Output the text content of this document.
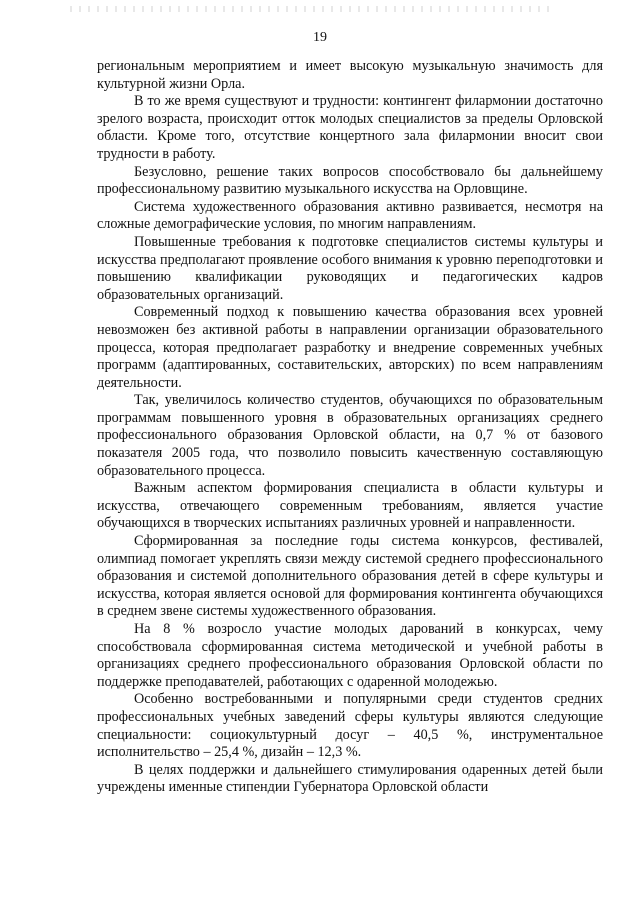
19

региональным мероприятием и имеет высокую музыкальную значимость для культурной жизни Орла.

В то же время существуют и трудности: контингент филармонии достаточно зрелого возраста, происходит отток молодых специалистов за пределы Орловской области. Кроме того, отсутствие концертного зала филармонии вносит свои трудности в работу.

Безусловно, решение таких вопросов способствовало бы дальнейшему профессиональному развитию музыкального искусства на Орловщине.

Система художественного образования активно развивается, несмотря на сложные демографические условия, по многим направлениям.

Повышенные требования к подготовке специалистов системы культуры и искусства предполагают проявление особого внимания к уровню переподготовки и повышению квалификации руководящих и педагогических кадров образовательных организаций.

Современный подход к повышению качества образования всех уровней невозможен без активной работы в направлении организации образовательного процесса, которая предполагает разработку и внедрение современных учебных программ (адаптированных, составительских, авторских) по всем направлениям деятельности.

Так, увеличилось количество студентов, обучающихся по образовательным программам повышенного уровня в образовательных организациях среднего профессионального образования Орловской области, на 0,7 % от базового показателя 2005 года, что позволило повысить качественную составляющую образовательного процесса.

Важным аспектом формирования специалиста в области культуры и искусства, отвечающего современным требованиям, является участие обучающихся в творческих испытаниях различных уровней и направленности.

Сформированная за последние годы система конкурсов, фестивалей, олимпиад помогает укреплять связи между системой среднего профессионального образования и системой дополнительного образования детей в сфере культуры и искусства, которая является основой для формирования контингента обучающихся в среднем звене системы художественного образования.

На 8 % возросло участие молодых дарований в конкурсах, чему способствовала сформированная система методической и учебной работы в организациях среднего профессионального образования Орловской области по поддержке преподавателей, работающих с одаренной молодежью.

Особенно востребованными и популярными среди студентов средних профессиональных учебных заведений сферы культуры являются следующие специальности: социокультурный досуг – 40,5 %, инструментальное исполнительство – 25,4 %, дизайн – 12,3 %.

В целях поддержки и дальнейшего стимулирования одаренных детей были учреждены именные стипендии Губернатора Орловской области
